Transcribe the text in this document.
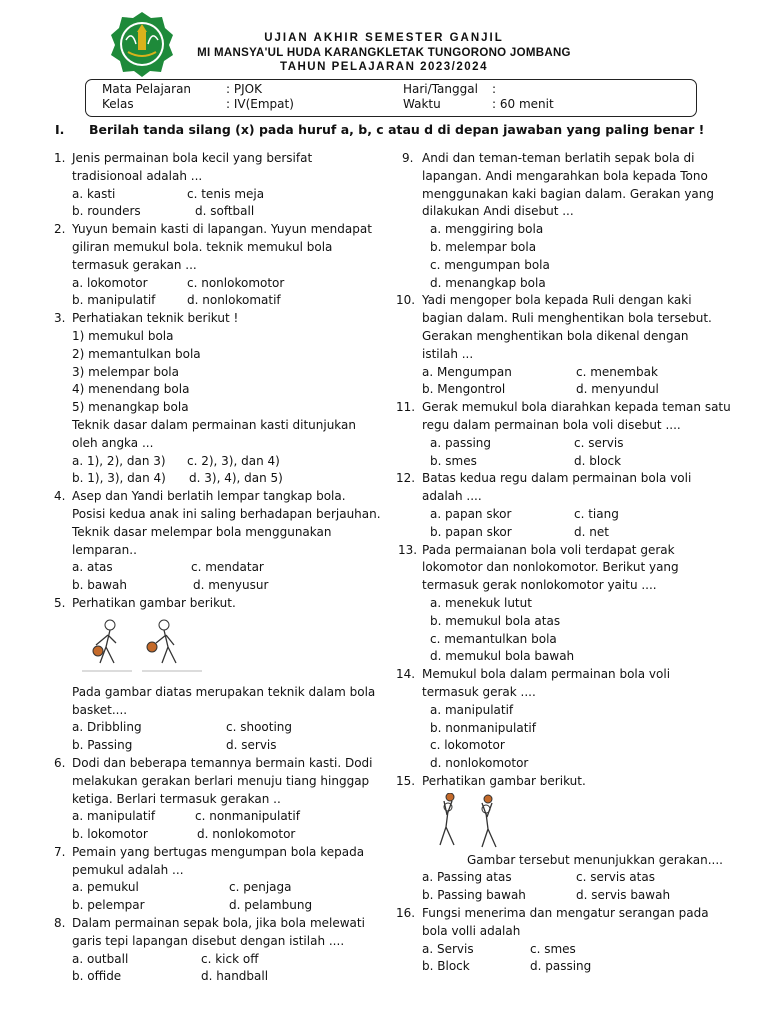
UJIAN AKHIR SEMESTER GANJIL
MI MANSYA'UL HUDA KARANGKLETAK TUNGORONO JOMBANG
TAHUN PELAJARAN 2023/2024
Mata Pelajaran	: PJOK
Kelas	: IV(Empat)
Hari/Tanggal :
Waktu	: 60 menit
I. Berilah tanda silang (x) pada huruf a, b, c atau d di depan jawaban yang paling benar !
1. Jenis permainan bola kecil yang bersifat
tradisionoal adalah ...
a. kasti	c. tenis meja
b. rounders	d. softball
2. Yuyun bemain kasti di lapangan. Yuyun mendapat
giliran memukul bola. teknik memukul bola
termasuk gerakan ...
a. lokomotor	c. nonlokomotor
b. manipulatif	d. nonlokomatif
3. Perhatiakan teknik berikut !
1) memukul bola
2) memantulkan bola
3) melempar bola
4) menendang bola
5) menangkap bola
Teknik dasar dalam permainan kasti ditunjukan
oleh angka ...
a. 1), 2), dan 3) c. 2), 3), dan 4)
b. 1), 3), dan 4) d. 3), 4), dan 5)
4. Asep dan Yandi berlatih lempar tangkap bola.
Posisi kedua anak ini saling berhadapan berjauhan.
Teknik dasar melempar bola menggunakan
lemparan..
a. atas	c. mendatar
b. bawah	d. menyusur
5. Perhatikan gambar berikut.
Pada gambar diatas merupakan teknik dalam bola
basket....
a. Dribbling	c. shooting
b. Passing	d. servis
6. Dodi dan beberapa temannya bermain kasti. Dodi
melakukan gerakan berlari menuju tiang hinggap
ketiga. Berlari termasuk gerakan ..
a. manipulatif	c. nonmanipulatif
b. lokomotor	d. nonlokomotor
7. Pemain yang bertugas mengumpan bola kepada
pemukul adalah ...
a. pemukul	c. penjaga
b. pelempar	d. pelambung
8. Dalam permainan sepak bola, jika bola melewati
garis tepi lapangan disebut dengan istilah ....
a. outball	c. kick off
b. offide	d. handball
9. Andi dan teman-teman berlatih sepak bola di
lapangan. Andi mengarahkan bola kepada Tono
menggunakan kaki bagian dalam. Gerakan yang
dilakukan Andi disebut ...
a. menggiring bola
b. melempar bola
c. mengumpan bola
d. menangkap bola
10. Yadi mengoper bola kepada Ruli dengan kaki
bagian dalam. Ruli menghentikan bola tersebut.
Gerakan menghentikan bola dikenal dengan
istilah ...
a. Mengumpan	c. menembak
b. Mengontrol	d. menyundul
11. Gerak memukul bola diarahkan kepada teman satu
regu dalam permainan bola voli disebut ....
a. passing	c. servis
b. smes	d. block
12. Batas kedua regu dalam permainan bola voli
adalah ....
a. papan skor	c. tiang
b. papan skor	d. net
13. Pada permaianan bola voli terdapat gerak
lokomotor dan nonlokomotor. Berikut yang
termasuk gerak nonlokomotor yaitu ....
a. menekuk lutut
b. memukul bola atas
c. memantulkan bola
d. memukul bola bawah
14. Memukul bola dalam permainan bola voli
termasuk gerak ....
a. manipulatif
b. nonmanipulatif
c. lokomotor
d. nonlokomotor
15. Perhatikan gambar berikut.
Gambar tersebut menunjukkan gerakan....
a. Passing atas	c. servis atas
b. Passing bawah	d. servis bawah
16. Fungsi menerima dan mengatur serangan pada
bola volli adalah
a. Servis	c. smes
b. Block	d. passing
